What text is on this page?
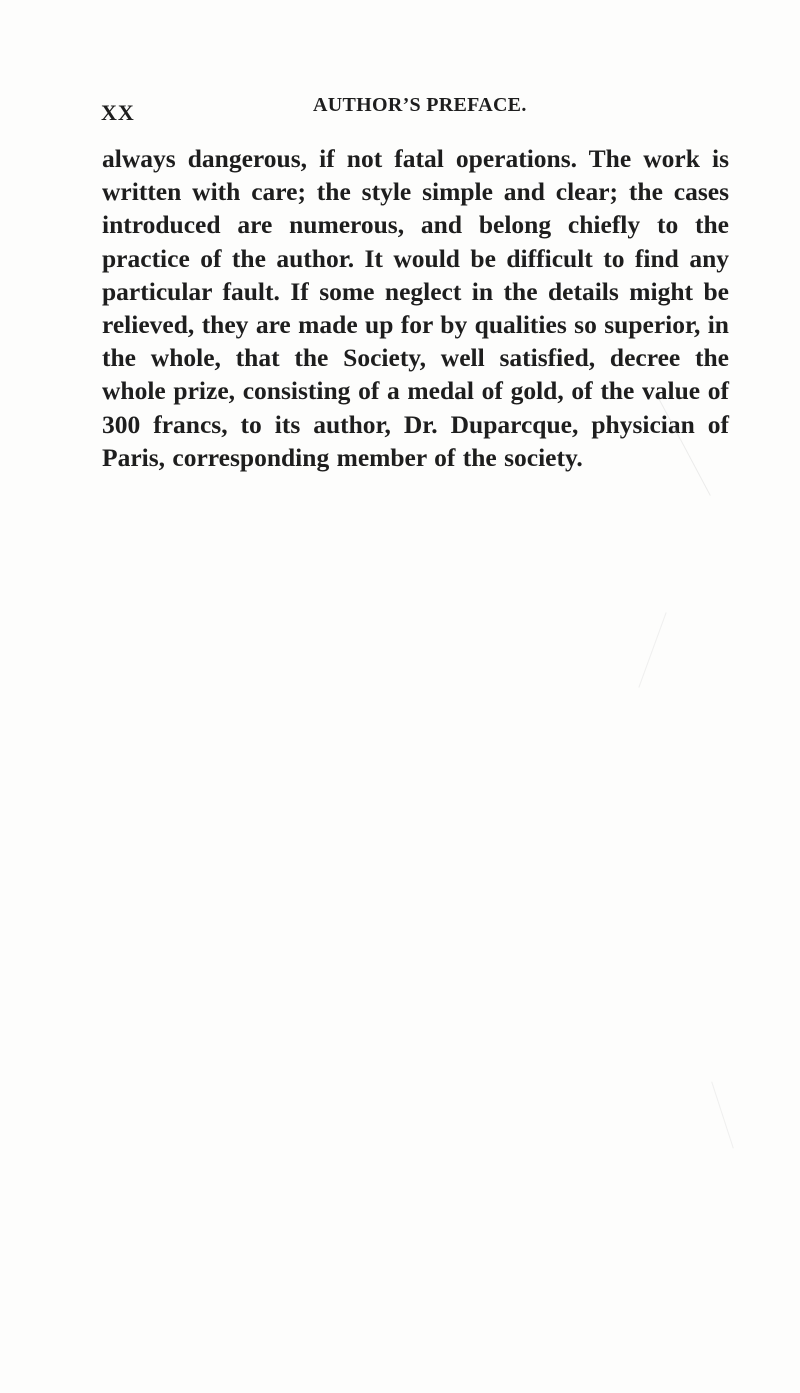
XX	AUTHOR’S PREFACE.

always dangerous, if not fatal operations. The work is written with care; the style simple and clear; the cases introduced are numerous, and belong chiefly to the practice of the author. It would be difficult to find any particular fault. If some neglect in the details might be relieved, they are made up for by qualities so superior, in the whole, that the Society, well satisfied, decree the whole prize, consisting of a medal of gold, of the value of 300 francs, to its author, Dr. Duparcque, physician of Paris, corresponding member of the society.
